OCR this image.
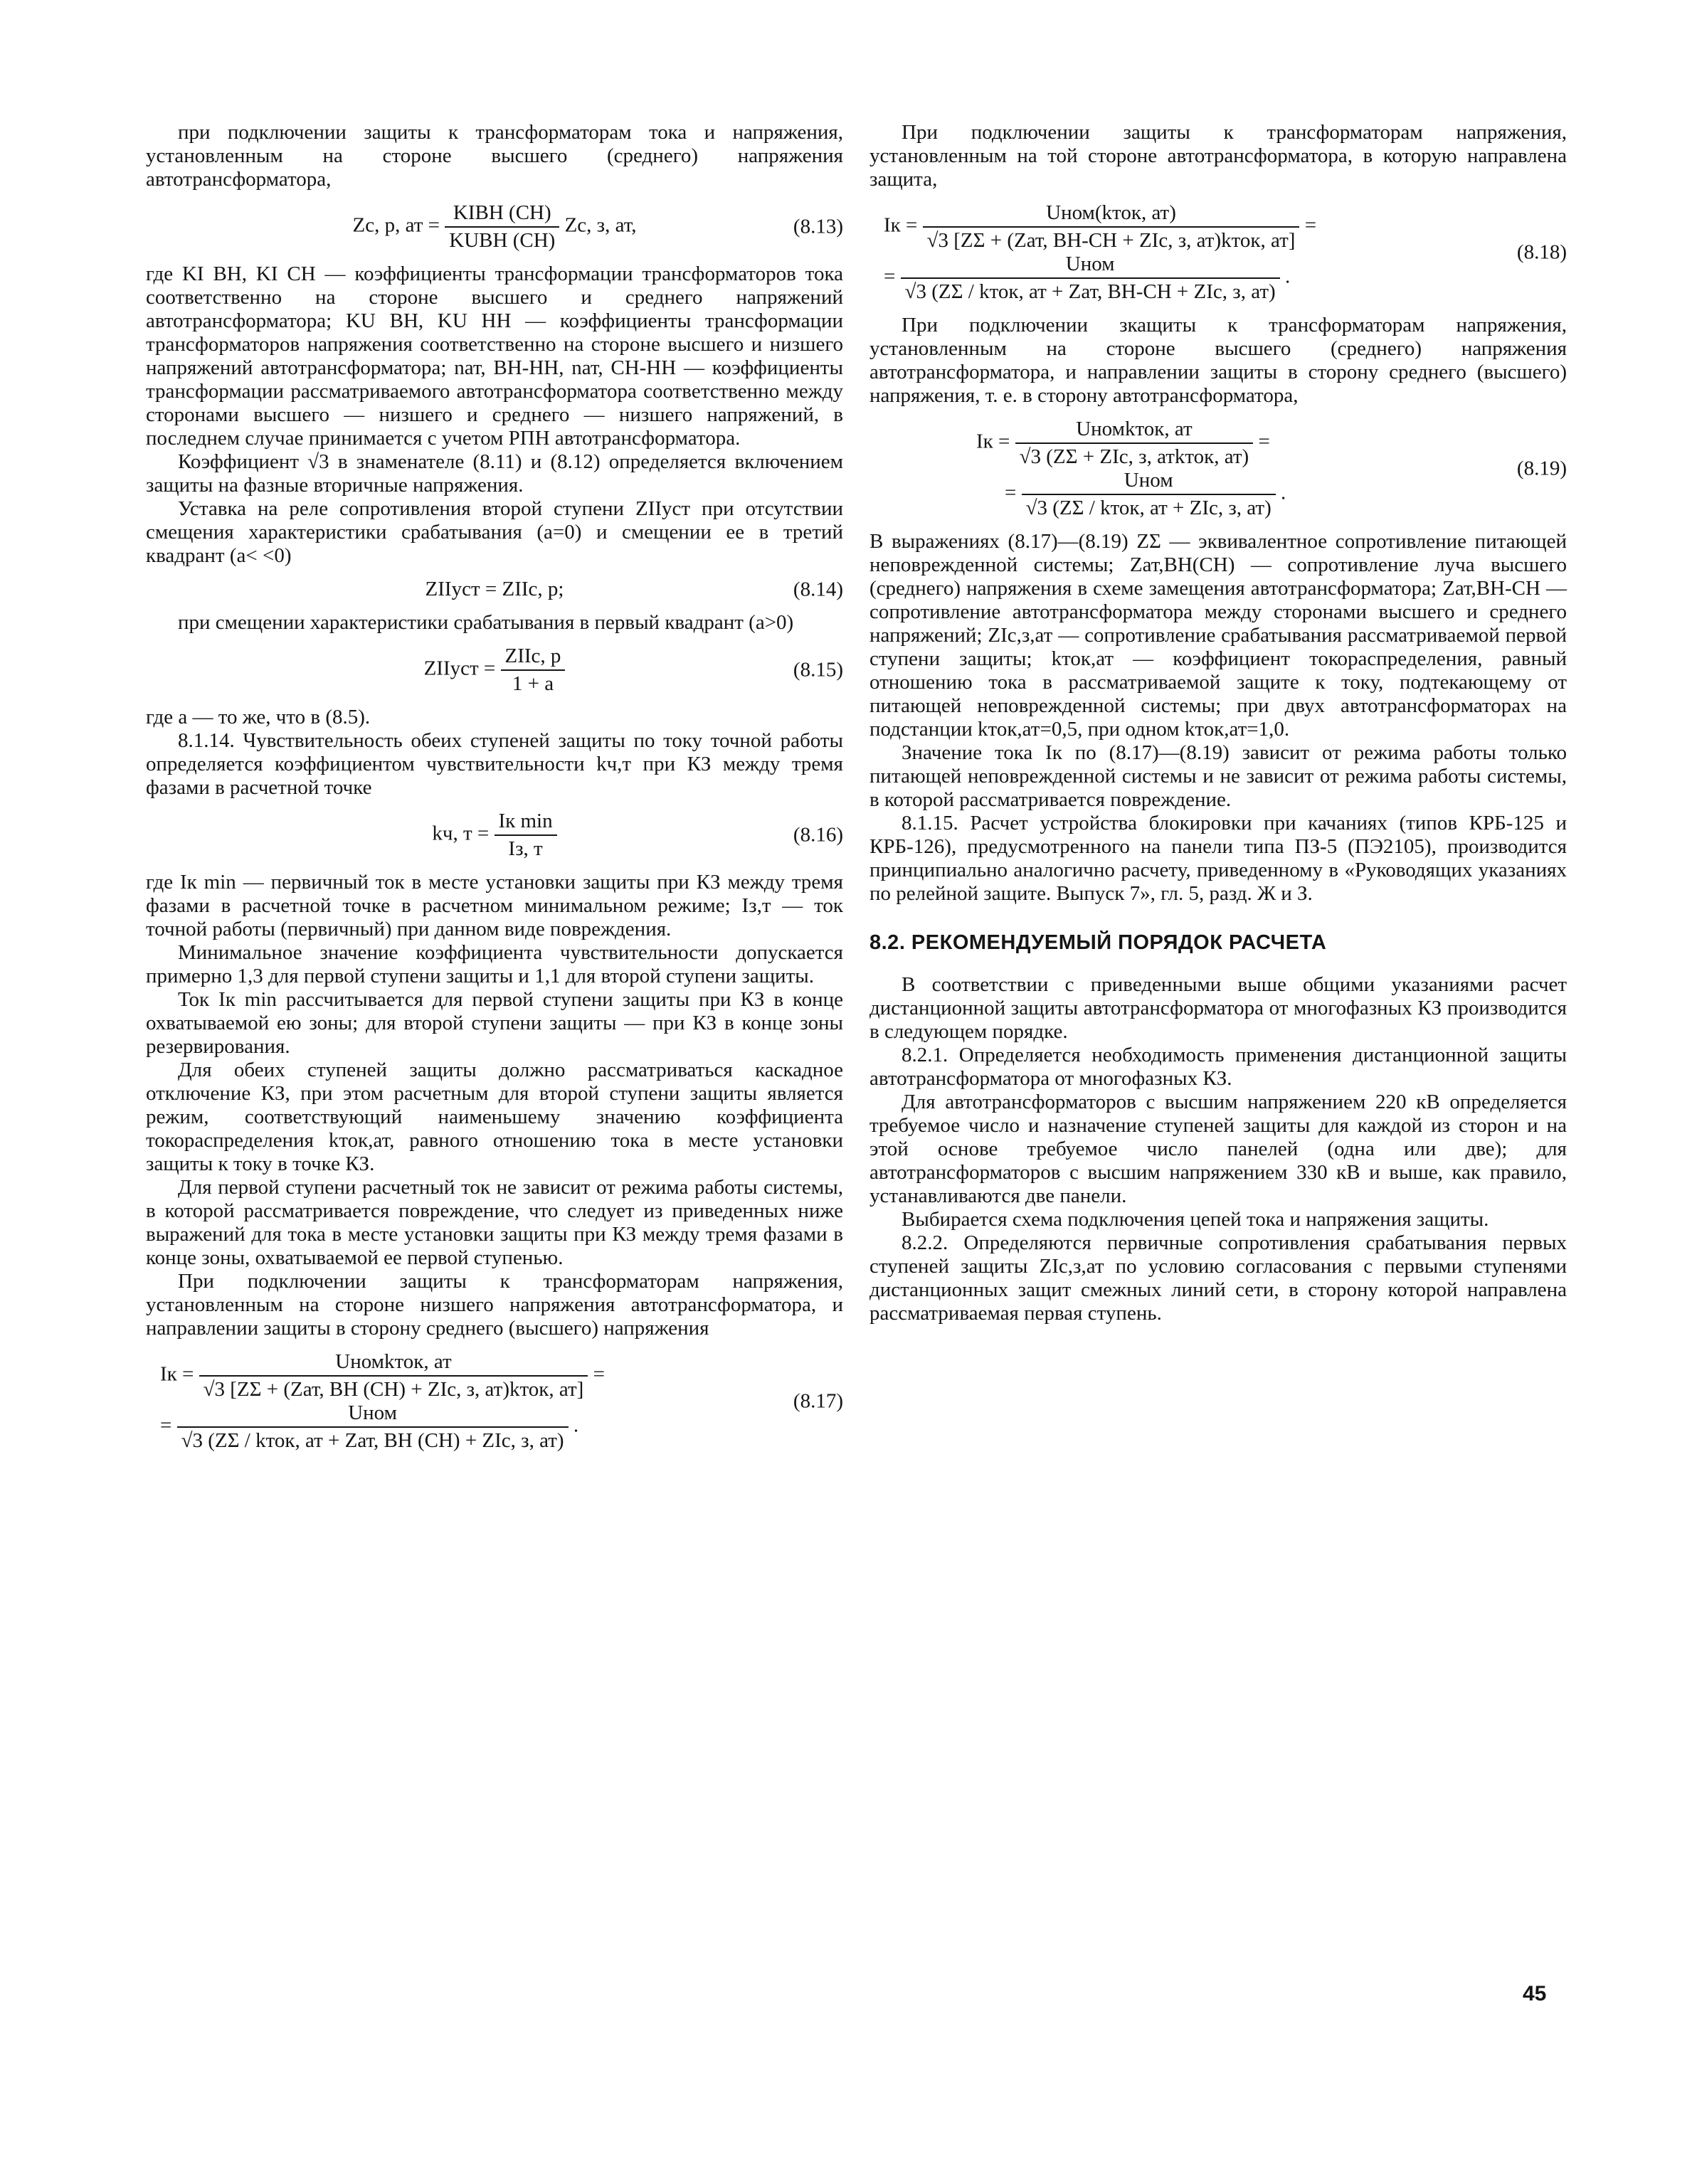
при подключении защиты к трансформаторам тока и напряжения, установленным на стороне высшего (среднего) напряжения автотрансформатора,

Zс, р, ат = $\frac{\text{KIВН (СН)}}{\text{KUВН (СН)}}$ Zс, з, ат,	(8.13)

где KI ВН, KI СН — коэффициенты трансформации трансформаторов тока соответственно на стороне высшего и среднего напряжений автотрансформатора; KU ВН, KU НН — коэффициенты трансформации трансформаторов напряжения соответственно на стороне высшего и низшего напряжений автотрансформатора; nат, ВН-НН, nат, СН-НН — коэффициенты трансформации рассматриваемого автотрансформатора соответственно между сторонами высшего — низшего и среднего — низшего напряжений, в последнем случае принимается с учетом РПН автотрансформатора.

Коэффициент √3 в знаменателе (8.11) и (8.12) определяется включением защиты на фазные вторичные напряжения.

Уставка на реле сопротивления второй ступени ZIIуст при отсутствии смещения характеристики срабатывания (a=0) и смещении ее в третий квадрант (a< <0)

ZIIуст = ZIIс, р;	(8.14)

при смещении характеристики срабатывания в первый квадрант (a>0)

ZIIуст = $\frac{\text{ZIIс, р}}{1 + a}$	(8.15)

где a — то же, что в (8.5).

8.1.14. Чувствительность обеих ступеней защиты по току точной работы определяется коэффициентом чувствительности kч,т при КЗ между тремя фазами в расчетной точке

kч, $т = \frac{\text{Iк min}}{Iз, т}$	(8.16)

где Iк min — первичный ток в месте установки защиты при КЗ между тремя фазами в расчетной точке в расчетном минимальном режиме; Iз,т — ток точной работы (первичный) при данном виде повреждения.

Минимальное значение коэффициента чувствительности допускается примерно 1,3 для первой ступени защиты и 1,1 для второй ступени защиты.

Ток Iк min рассчитывается для первой ступени защиты при КЗ в конце охватываемой ею зоны; для второй ступени защиты — при КЗ в конце зоны резервирования.

Для обеих ступеней защиты должно рассматриваться каскадное отключение КЗ, при этом расчетным для второй ступени защиты является режим, соответствующий наименьшему значению коэффициента токораспределения kток,ат, равного отношению тока в месте установки защиты к току в точке КЗ.

Для первой ступени расчетный ток не зависит от режима работы системы, в которой рассматривается повреждение, что следует из приведенных ниже выражений для тока в месте установки защиты при КЗ между тремя фазами в конце зоны, охватываемой ее первой ступенью.

При подключении защиты к трансформаторам напряжения, установленным на стороне низшего напряжения автотрансформатора, и направлении защиты в сторону среднего (высшего) напряжения

Iк = $\frac{\text{Uномkток, ат}}{\text{√3 [ZΣ + (Zат, ВН (СН) + ZIс, з, ат)kток, ат]}}$ =
= $\frac{\text{Uном}}{\text{√3 (ZΣ / kток, ат + Zат, ВН (СН) + ZIс, з, ат)}}$ .
(8.17)

При подключении защиты к трансформаторам напряжения, установленным на той стороне автотрансформатора, в которую направлена защита,

Iк = $\frac{\text{Uном(kток, ат)}}{\text{√3 [ZΣ + (Zат, ВН-СН + ZIс, з, ат)kток, ат]}}$ =
= $\frac{\text{Uном}}{\text{√3 (ZΣ / kток, ат + Zат, ВН-СН + ZIс, з, ат)}}$ .
(8.18)

При подключении зкащиты к трансформаторам напряжения, установленным на стороне высшего (среднего) напряжения автотрансформатора, и направлении защиты в сторону среднего (высшего) напряжения, т. е. в сторону автотрансформатора,

Iк = $\frac{\text{Uномkток, ат}}{\text{√3 (ZΣ + ZIс, з, атkток, ат)}}$ =
= $\frac{\text{Uном}}{\text{√3 (ZΣ / kток, ат + ZIс, з, ат)}}$ .
(8.19)

В выражениях (8.17)—(8.19) ZΣ — эквивалентное сопротивление питающей неповрежденной системы; Zат,ВН(СН) — сопротивление луча высшего (среднего) напряжения в схеме замещения автотрансформатора; Zат,ВН-СН — сопротивление автотрансформатора между сторонами высшего и среднего напряжений; ZIс,з,ат — сопротивление срабатывания рассматриваемой первой ступени защиты; kток,ат — коэффициент токораспределения, равный отношению тока в рассматриваемой защите к току, подтекающему от питающей неповрежденной системы; при двух автотрансформаторах на подстанции kток,ат=0,5, при одном kток,ат=1,0.

Значение тока Iк по (8.17)—(8.19) зависит от режима работы только питающей неповрежденной системы и не зависит от режима работы системы, в которой рассматривается повреждение.

8.1.15. Расчет устройства блокировки при качаниях (типов КРБ-125 и КРБ-126), предусмотренного на панели типа ПЗ-5 (ПЭ2105), производится принципиально аналогично расчету, приведенному в «Руководящих указаниях по релейной защите. Выпуск 7», гл. 5, разд. Ж и З.

8.2. РЕКОМЕНДУЕМЫЙ ПОРЯДОК РАСЧЕТА

В соответствии с приведенными выше общими указаниями расчет дистанционной защиты автотрансформатора от многофазных КЗ производится в следующем порядке.

8.2.1. Определяется необходимость применения дистанционной защиты автотрансформатора от многофазных КЗ.

Для автотрансформаторов с высшим напряжением 220 кВ определяется требуемое число и назначение ступеней защиты для каждой из сторон и на этой основе требуемое число панелей (одна или две); для автотрансформаторов с высшим напряжением 330 кВ и выше, как правило, устанавливаются две панели.

Выбирается схема подключения цепей тока и напряжения защиты.

8.2.2. Определяются первичные сопротивления срабатывания первых ступеней защиты ZIс,з,ат по условию согласования с первыми ступенями дистанционных защит смежных линий сети, в сторону которой направлена рассматриваемая первая ступень.

45
